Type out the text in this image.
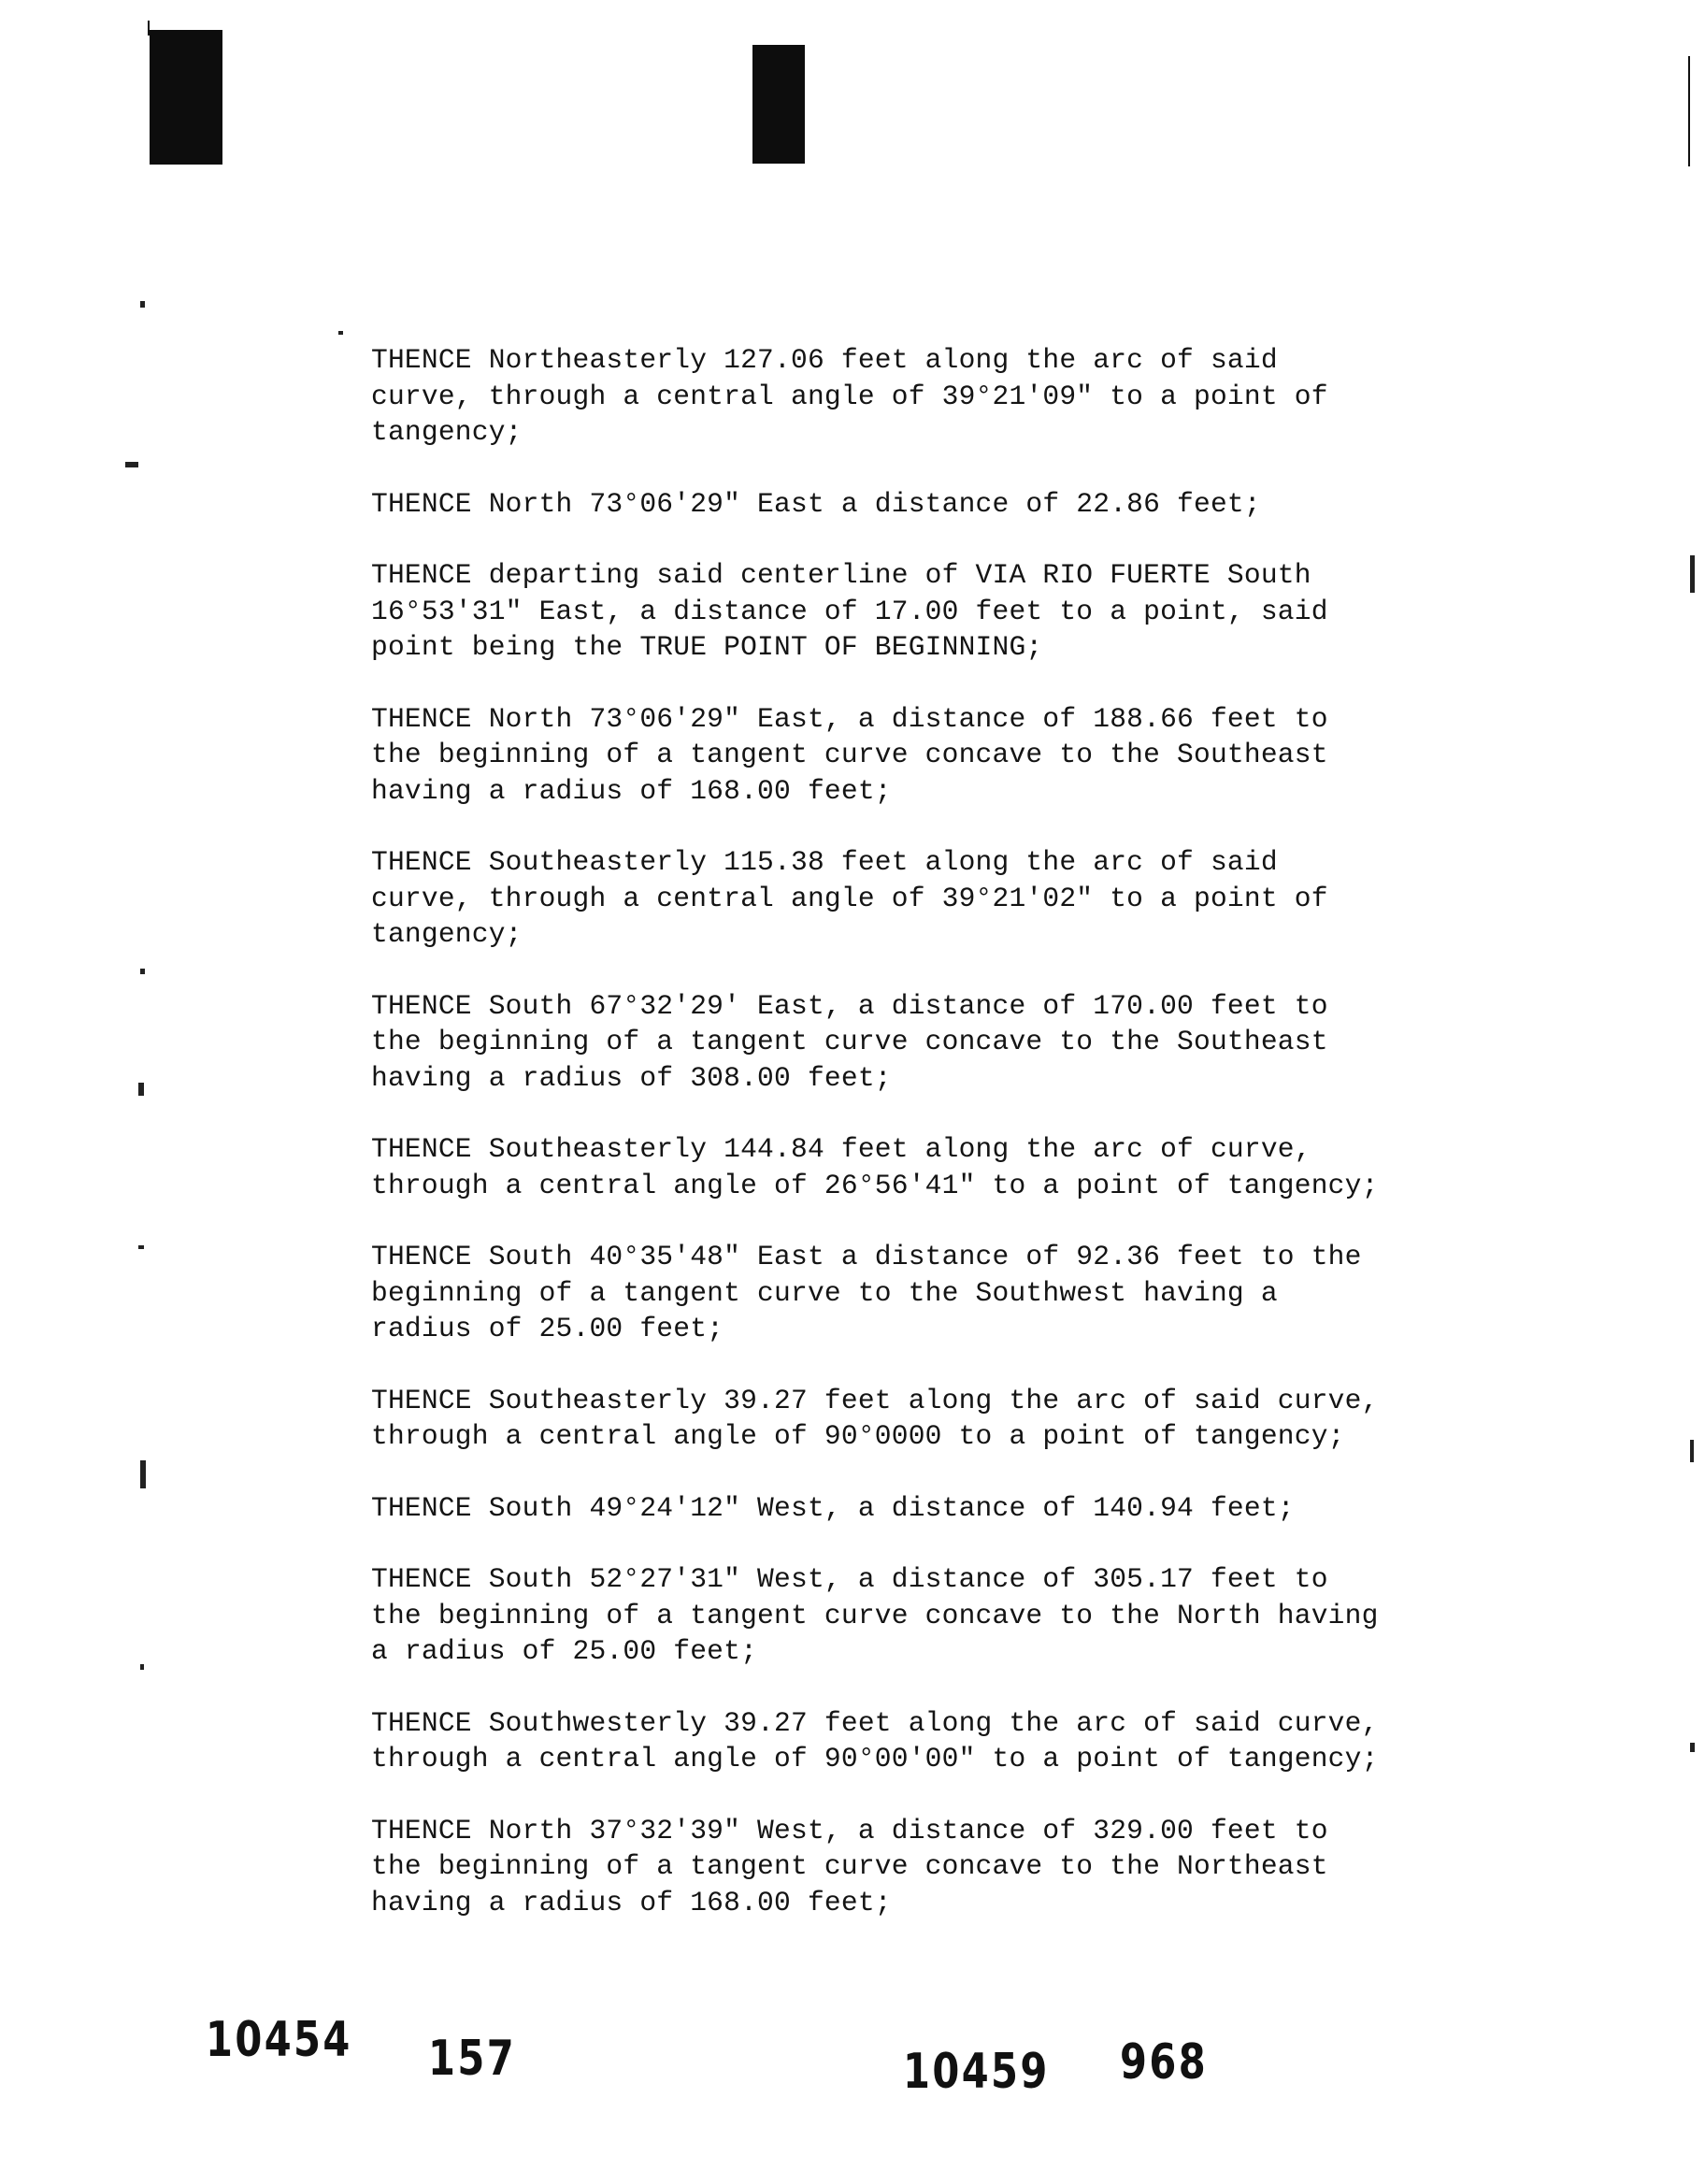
THENCE Northeasterly 127.06 feet along the arc of said
curve, through a central angle of 39°21'09" to a point of
tangency;
THENCE North 73°06'29" East a distance of 22.86 feet;
THENCE departing said centerline of VIA RIO FUERTE South
16°53'31" East, a distance of 17.00 feet to a point, said
point being the TRUE POINT OF BEGINNING;
THENCE North 73°06'29" East, a distance of 188.66 feet to
the beginning of a tangent curve concave to the Southeast
having a radius of 168.00 feet;
THENCE Southeasterly 115.38 feet along the arc of said
curve, through a central angle of 39°21'02" to a point of
tangency;
THENCE South 67°32'29' East, a distance of 170.00 feet to
the beginning of a tangent curve concave to the Southeast
having a radius of 308.00 feet;
THENCE Southeasterly 144.84 feet along the arc of curve,
through a central angle of 26°56'41" to a point of tangency;
THENCE South 40°35'48" East a distance of 92.36 feet to the
beginning of a tangent curve to the Southwest having a
radius of 25.00 feet;
THENCE Southeasterly 39.27 feet along the arc of said curve,
through a central angle of 90°0000 to a point of tangency;
THENCE South 49°24'12" West, a distance of 140.94 feet;
THENCE South 52°27'31" West, a distance of 305.17 feet to
the beginning of a tangent curve concave to the North having
a radius of 25.00 feet;
THENCE Southwesterly 39.27 feet along the arc of said curve,
through a central angle of 90°00'00" to a point of tangency;
THENCE North 37°32'39" West, a distance of 329.00 feet to
the beginning of a tangent curve concave to the Northeast
having a radius of 168.00 feet;
10454 157	10459 968
